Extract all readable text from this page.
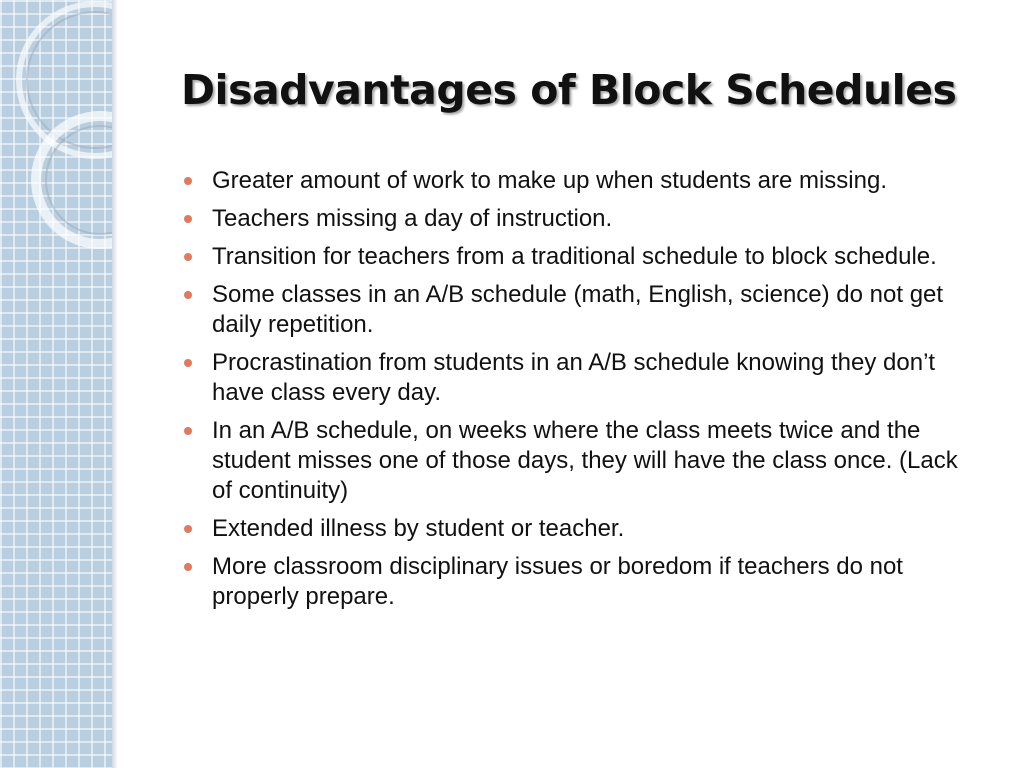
Disadvantages of Block Schedules
Greater amount of work to make up when students are missing.
Teachers missing a day of instruction.
Transition for teachers from a traditional schedule to block schedule.
Some classes in an A/B schedule (math, English, science) do not get daily repetition.
Procrastination from students in an A/B schedule knowing they don’t have class every day.
In an A/B schedule, on weeks where the class meets twice and the student misses one of those days, they will have the class once. (Lack of continuity)
Extended illness by student or teacher.
More classroom disciplinary issues or boredom if teachers do not properly prepare.
